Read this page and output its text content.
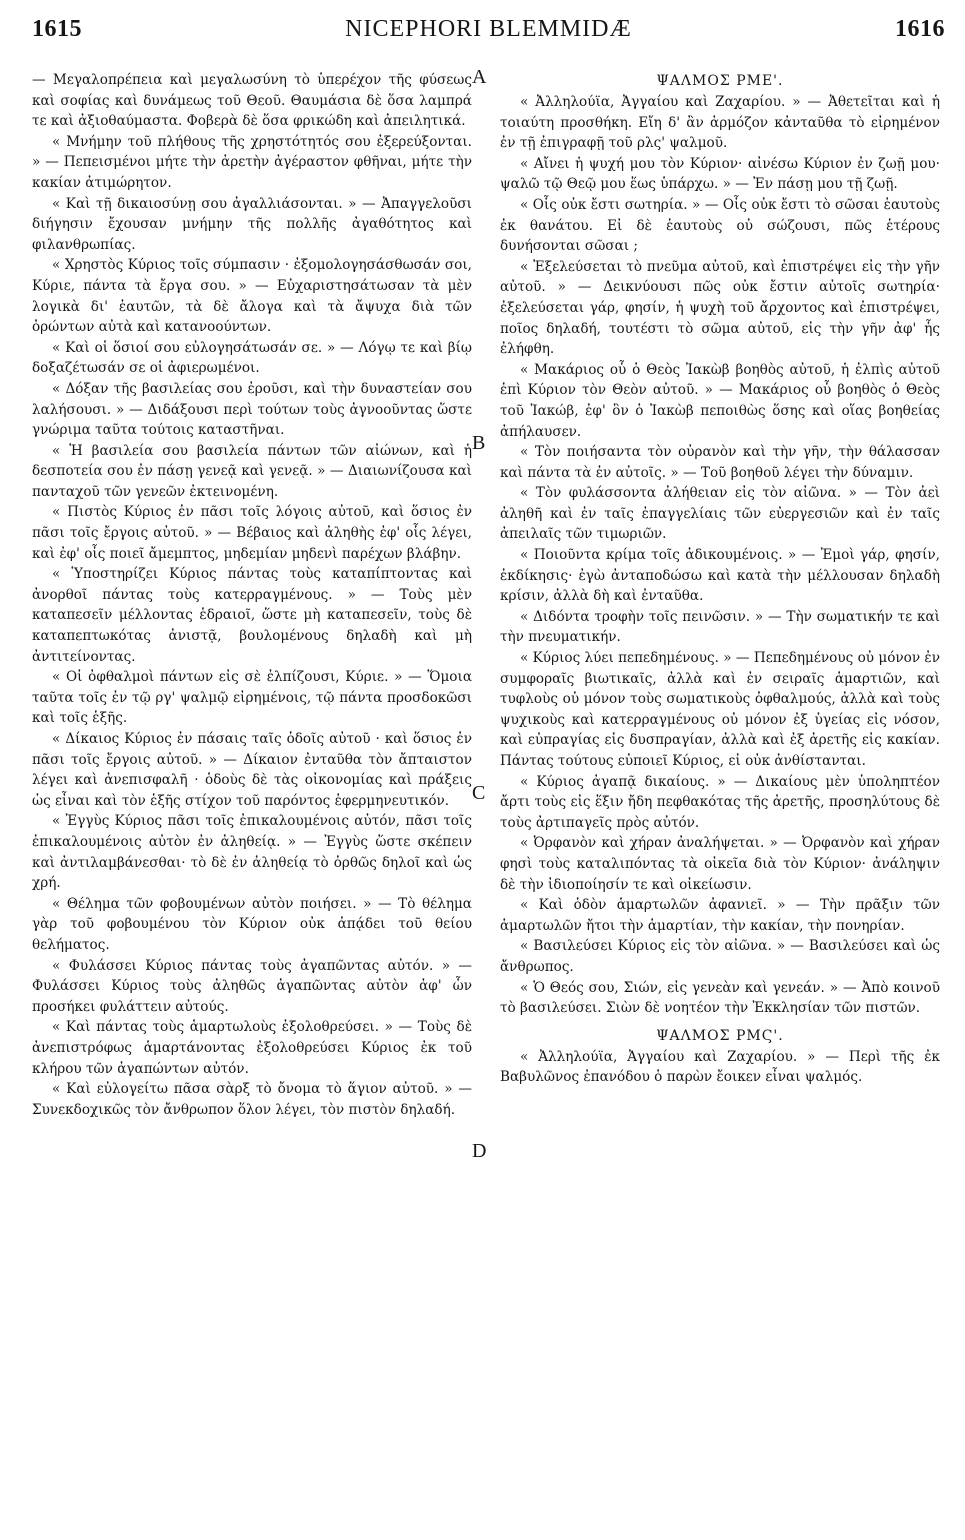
1615	NICEPHORI BLEMMIDÆ	1616
A
B
C
D

— Μεγαλοπρέπεια καὶ μεγαλωσύνη τὸ ὑπερέχον τῆς φύσεως καὶ σοφίας καὶ δυνάμεως τοῦ Θεοῦ. Θαυμάσια δὲ ὅσα λαμπρά τε καὶ ἀξιοθαύμαστα. Φοβερὰ δὲ ὅσα φρικώδη καὶ ἀπειλητικά.

« Μνήμην τοῦ πλήθους τῆς χρηστότητός σου ἐξερεύξονται. » — Πεπεισμένοι μήτε τὴν ἀρετὴν ἀγέραστον φθῆναι, μήτε τὴν κακίαν ἀτιμώρητον.

« Καὶ τῇ δικαιοσύνῃ σου ἀγαλλιάσονται. » — Ἀπαγγελοῦσι διήγησιν ἔχουσαν μνήμην τῆς πολλῆς ἀγαθότητος καὶ φιλανθρωπίας.

« Χρηστὸς Κύριος τοῖς σύμπασιν · ἐξομολογησάσθωσάν σοι, Κύριε, πάντα τὰ ἔργα σου. » — Εὐχαριστησάτωσαν τὰ μὲν λογικὰ δι' ἑαυτῶν, τὰ δὲ ἄλογα καὶ τὰ ἄψυχα διὰ τῶν ὁρώντων αὐτὰ καὶ κατανοούντων.

« Καὶ οἱ ὅσιοί σου εὐλογησάτωσάν σε. » — Λόγῳ τε καὶ βίῳ δοξαζέτωσάν σε οἱ ἀφιερωμένοι.

« Δόξαν τῆς βασιλείας σου ἐροῦσι, καὶ τὴν δυναστείαν σου λαλήσουσι. » — Διδάξουσι περὶ τούτων τοὺς ἀγνοοῦντας ὥστε γνώριμα ταῦτα τούτοις καταστῆναι.

« Ἡ βασιλεία σου βασιλεία πάντων τῶν αἰώνων, καὶ ἡ δεσποτεία σου ἐν πάσῃ γενεᾷ καὶ γενεᾷ. » — Διαιωνίζουσα καὶ πανταχοῦ τῶν γενεῶν ἐκτεινομένη.

« Πιστὸς Κύριος ἐν πᾶσι τοῖς λόγοις αὐτοῦ, καὶ ὅσιος ἐν πᾶσι τοῖς ἔργοις αὐτοῦ. » — Βέβαιος καὶ ἀληθὴς ἐφ' οἷς λέγει, καὶ ἐφ' οἷς ποιεῖ ἄμεμπτος, μηδεμίαν μηδενὶ παρέχων βλάβην.

« Ὑποστηρίζει Κύριος πάντας τοὺς καταπίπτοντας καὶ ἀνορθοῖ πάντας τοὺς κατερραγμένους. » — Τοὺς μὲν καταπεσεῖν μέλλοντας ἑδραιοῖ, ὥστε μὴ καταπεσεῖν, τοὺς δὲ καταπεπτωκότας ἀνιστᾷ, βουλομένους δηλαδὴ καὶ μὴ ἀντιτείνοντας.

« Οἱ ὀφθαλμοὶ πάντων εἰς σὲ ἐλπίζουσι, Κύριε. » — Ὅμοια ταῦτα τοῖς ἐν τῷ ργ' ψαλμῷ εἰρημένοις, τῷ πάντα προσδοκῶσι καὶ τοῖς ἑξῆς.

« Δίκαιος Κύριος ἐν πάσαις ταῖς ὁδοῖς αὐτοῦ · καὶ ὅσιος ἐν πᾶσι τοῖς ἔργοις αὐτοῦ. » — Δίκαιον ἐνταῦθα τὸν ἄπταιστον λέγει καὶ ἀνεπισφαλῆ · ὁδοὺς δὲ τὰς οἰκονομίας καὶ πράξεις ὡς εἶναι καὶ τὸν ἑξῆς στίχον τοῦ παρόντος ἑφερμηνευτικόν.

« Ἐγγὺς Κύριος πᾶσι τοῖς ἐπικαλουμένοις αὐτόν, πᾶσι τοῖς ἐπικαλουμένοις αὐτὸν ἐν ἀληθείᾳ. » — Ἐγγὺς ὥστε σκέπειν καὶ ἀντιλαμβάνεσθαι· τὸ δὲ ἐν ἀληθείᾳ τὸ ὀρθῶς δηλοῖ καὶ ὡς χρή.

« Θέλημα τῶν φοβουμένων αὐτὸν ποιήσει. » — Τὸ θέλημα γὰρ τοῦ φοβουμένου τὸν Κύριον οὐκ ἀπᾴδει τοῦ θείου θελήματος.

« Φυλάσσει Κύριος πάντας τοὺς ἀγαπῶντας αὐτόν. » — Φυλάσσει Κύριος τοὺς ἀληθῶς ἀγαπῶντας αὐτὸν ἀφ' ὧν προσήκει φυλάττειν αὐτούς.

« Καὶ πάντας τοὺς ἁμαρτωλοὺς ἐξολοθρεύσει. » — Τοὺς δὲ ἀνεπιστρόφως ἁμαρτάνοντας ἐξολοθρεύσει Κύριος ἐκ τοῦ κλήρου τῶν ἀγαπώντων αὐτόν.

« Καὶ εὐλογείτω πᾶσα σὰρξ τὸ ὄνομα τὸ ἅγιον αὐτοῦ. » — Συνεκδοχικῶς τὸν ἄνθρωπον ὅλον λέγει, τὸν πιστὸν δηλαδή.

ΨΑΛΜΟΣ ΡΜΕ'.

« Ἀλληλούϊα, Ἀγγαίου καὶ Ζαχαρίου. » — Ἀθετεῖται καὶ ἡ τοιαύτη προσθήκη. Εἴη δ' ἂν ἁρμόζον κἀνταῦθα τὸ εἰρημένον ἐν τῇ ἐπιγραφῇ τοῦ ρλς' ψαλμοῦ.

« Αἴνει ἡ ψυχή μου τὸν Κύριον· αἰνέσω Κύριον ἐν ζωῇ μου· ψαλῶ τῷ Θεῷ μου ἕως ὑπάρχω. » — Ἐν πάσῃ μου τῇ ζωῇ.

« Οἷς οὐκ ἔστι σωτηρία. » — Οἷς οὐκ ἔστι τὸ σῶσαι ἑαυτοὺς ἐκ θανάτου. Εἰ δὲ ἑαυτοὺς οὐ σώζουσι, πῶς ἑτέρους δυνήσονται σῶσαι ;

« Ἐξελεύσεται τὸ πνεῦμα αὐτοῦ, καὶ ἐπιστρέψει εἰς τὴν γῆν αὐτοῦ. » — Δεικνύουσι πῶς οὐκ ἔστιν αὐτοῖς σωτηρία· ἐξελεύσεται γάρ, φησίν, ἡ ψυχὴ τοῦ ἄρχοντος καὶ ἐπιστρέψει, ποῖος δηλαδή, τουτέστι τὸ σῶμα αὐτοῦ, εἰς τὴν γῆν ἀφ' ἧς ἐλήφθη.

« Μακάριος οὗ ὁ Θεὸς Ἰακὼβ βοηθὸς αὐτοῦ, ἡ ἐλπὶς αὐτοῦ ἐπὶ Κύριον τὸν Θεὸν αὐτοῦ. » — Μακάριος οὗ βοηθὸς ὁ Θεὸς τοῦ Ἰακώβ, ἐφ' ὃν ὁ Ἰακὼβ πεποιθὼς ὅσης καὶ οἵας βοηθείας ἀπήλαυσεν.

« Τὸν ποιήσαντα τὸν οὐρανὸν καὶ τὴν γῆν, τὴν θάλασσαν καὶ πάντα τὰ ἐν αὐτοῖς. » — Τοῦ βοηθοῦ λέγει τὴν δύναμιν.

« Τὸν φυλάσσοντα ἀλήθειαν εἰς τὸν αἰῶνα. » — Τὸν ἀεὶ ἀληθῆ καὶ ἐν ταῖς ἐπαγγελίαις τῶν εὐεργεσιῶν καὶ ἐν ταῖς ἀπειλαῖς τῶν τιμωριῶν.

« Ποιοῦντα κρίμα τοῖς ἀδικουμένοις. » — Ἐμοὶ γάρ, φησίν, ἐκδίκησις· ἐγὼ ἀνταποδώσω καὶ κατὰ τὴν μέλλουσαν δηλαδὴ κρίσιν, ἀλλὰ δὴ καὶ ἐνταῦθα.

« Διδόντα τροφὴν τοῖς πεινῶσιν. » — Τὴν σωματικήν τε καὶ τὴν πνευματικήν.

« Κύριος λύει πεπεδημένους. » — Πεπεδημένους οὐ μόνον ἐν συμφοραῖς βιωτικαῖς, ἀλλὰ καὶ ἐν σειραῖς ἁμαρτιῶν, καὶ τυφλοὺς οὐ μόνον τοὺς σωματικοὺς ὀφθαλμούς, ἀλλὰ καὶ τοὺς ψυχικοὺς καὶ κατερραγμένους οὐ μόνον ἐξ ὑγείας εἰς νόσον, καὶ εὐπραγίας εἰς δυσπραγίαν, ἀλλὰ καὶ ἐξ ἀρετῆς εἰς κακίαν. Πάντας τούτους εὐποιεῖ Κύριος, εἰ οὐκ ἀνθίστανται.

« Κύριος ἀγαπᾷ δικαίους. » — Δικαίους μὲν ὑποληπτέον ἄρτι τοὺς εἰς ἕξιν ἤδη πεφθακότας τῆς ἀρετῆς, προσηλύτους δὲ τοὺς ἀρτιπαγεῖς πρὸς αὐτόν.

« Ὀρφανὸν καὶ χήραν ἀναλήψεται. » — Ὀρφανὸν καὶ χήραν φησὶ τοὺς καταλιπόντας τὰ οἰκεῖα διὰ τὸν Κύριον· ἀνάληψιν δὲ τὴν ἰδιοποίησίν τε καὶ οἰκείωσιν.

« Καὶ ὁδὸν ἁμαρτωλῶν ἀφανιεῖ. » — Τὴν πρᾶξιν τῶν ἁμαρτωλῶν ἤτοι τὴν ἁμαρτίαν, τὴν κακίαν, τὴν πονηρίαν.

« Βασιλεύσει Κύριος εἰς τὸν αἰῶνα. » — Βασιλεύσει καὶ ὡς ἄνθρωπος.

« Ὁ Θεός σου, Σιών, εἰς γενεὰν καὶ γενεάν. » — Ἀπὸ κοινοῦ τὸ βασιλεύσει. Σιὼν δὲ νοητέον τὴν Ἐκκλησίαν τῶν πιστῶν.

ΨΑΛΜΟΣ ΡΜϚ'.

« Ἀλληλούϊα, Ἀγγαίου καὶ Ζαχαρίου. » — Περὶ τῆς ἐκ Βαβυλῶνος ἐπανόδου ὁ παρὼν ἔοικεν εἶναι ψαλμός.
